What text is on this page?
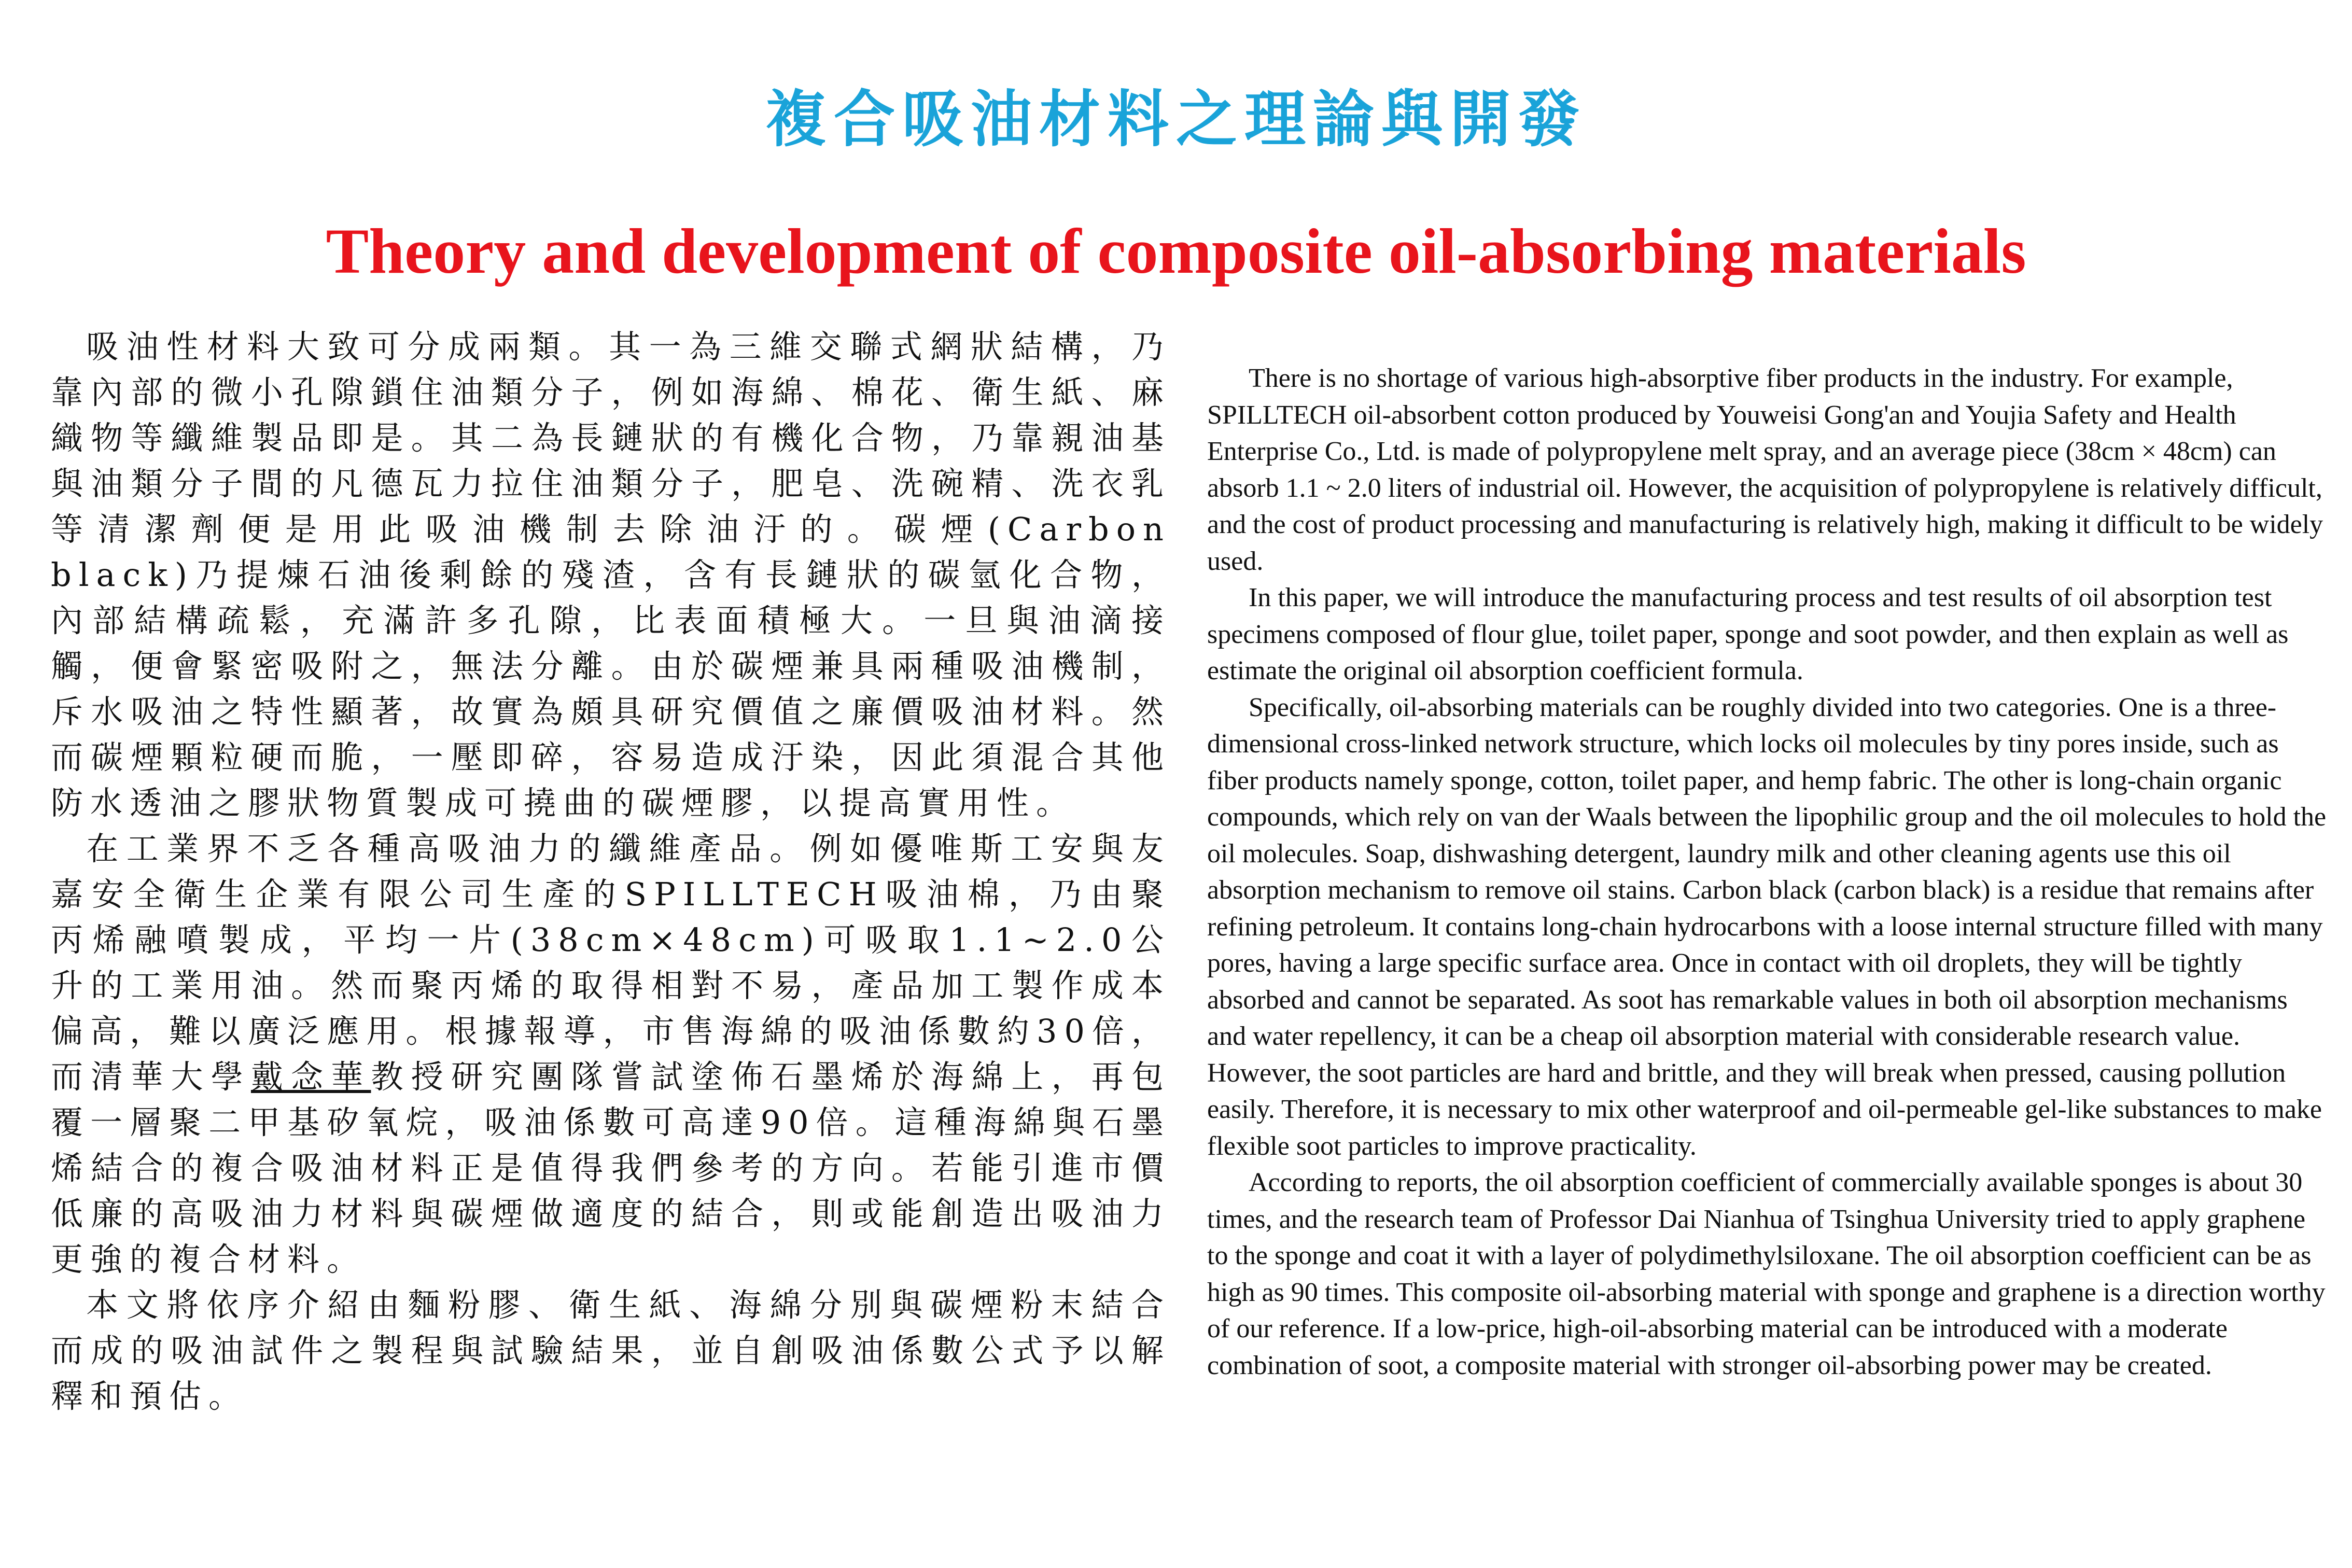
複合吸油材料之理論與開發
Theory and development of composite oil-absorbing materials

吸油性材料大致可分成兩類。其一為三維交聯式網狀結構，乃靠內部的微小孔隙鎖住油類分子，例如海綿、棉花、衛生紙、麻織物等纖維製品即是。其二為長鏈狀的有機化合物，乃靠親油基與油類分子間的凡德瓦力拉住油類分子，肥皂、洗碗精、洗衣乳等清潔劑便是用此吸油機制去除油汙的。碳煙(Carbon black)乃提煉石油後剩餘的殘渣，含有長鏈狀的碳氫化合物，內部結構疏鬆，充滿許多孔隙，比表面積極大。一旦與油滴接觸，便會緊密吸附之，無法分離。由於碳煙兼具兩種吸油機制，斥水吸油之特性顯著，故實為頗具研究價值之廉價吸油材料。然而碳煙顆粒硬而脆，一壓即碎，容易造成汙染，因此須混合其他防水透油之膠狀物質製成可撓曲的碳煙膠，以提高實用性。

在工業界不乏各種高吸油力的纖維產品。例如優唯斯工安與友嘉安全衛生企業有限公司生產的SPILLTECH吸油棉，乃由聚丙烯融噴製成，平均一片(38cm×48cm)可吸取1.1~2.0公升的工業用油。然而聚丙烯的取得相對不易，產品加工製作成本偏高，難以廣泛應用。根據報導，市售海綿的吸油係數約30倍，而清華大學戴念華教授研究團隊嘗試塗佈石墨烯於海綿上，再包覆一層聚二甲基矽氧烷，吸油係數可高達90倍。這種海綿與石墨烯結合的複合吸油材料正是值得我們參考的方向。若能引進市價低廉的高吸油力材料與碳煙做適度的結合，則或能創造出吸油力更強的複合材料。

本文將依序介紹由麵粉膠、衛生紙、海綿分別與碳煙粉末結合而成的吸油試件之製程與試驗結果，並自創吸油係數公式予以解釋和預估。

There is no shortage of various high-absorptive fiber products in the industry. For example, SPILLTECH oil-absorbent cotton produced by Youweisi Gong'an and Youjia Safety and Health Enterprise Co., Ltd. is made of polypropylene melt spray, and an average piece (38cm × 48cm) can absorb 1.1 ~ 2.0 liters of industrial oil. However, the acquisition of polypropylene is relatively difficult, and the cost of product processing and manufacturing is relatively high, making it difficult to be widely used.

In this paper, we will introduce the manufacturing process and test results of oil absorption test specimens composed of flour glue, toilet paper, sponge and soot powder, and then explain as well as estimate the original oil absorption coefficient formula.

Specifically, oil-absorbing materials can be roughly divided into two categories. One is a three-dimensional cross-linked network structure, which locks oil molecules by tiny pores inside, such as fiber products namely sponge, cotton, toilet paper, and hemp fabric. The other is long-chain organic compounds, which rely on van der Waals between the lipophilic group and the oil molecules to hold the oil molecules. Soap, dishwashing detergent, laundry milk and other cleaning agents use this oil absorption mechanism to remove oil stains. Carbon black (carbon black) is a residue that remains after refining petroleum. It contains long-chain hydrocarbons with a loose internal structure filled with many pores, having a large specific surface area. Once in contact with oil droplets, they will be tightly absorbed and cannot be separated. As soot has remarkable values in both oil absorption mechanisms and water repellency, it can be a cheap oil absorption material with considerable research value. However, the soot particles are hard and brittle, and they will break when pressed, causing pollution easily. Therefore, it is necessary to mix other waterproof and oil-permeable gel-like substances to make flexible soot particles to improve practicality.

According to reports, the oil absorption coefficient of commercially available sponges is about 30 times, and the research team of Professor Dai Nianhua of Tsinghua University tried to apply graphene to the sponge and coat it with a layer of polydimethylsiloxane. The oil absorption coefficient can be as high as 90 times. This composite oil-absorbing material with sponge and graphene is a direction worthy of our reference. If a low-price, high-oil-absorbing material can be introduced with a moderate combination of soot, a composite material with stronger oil-absorbing power may be created.
